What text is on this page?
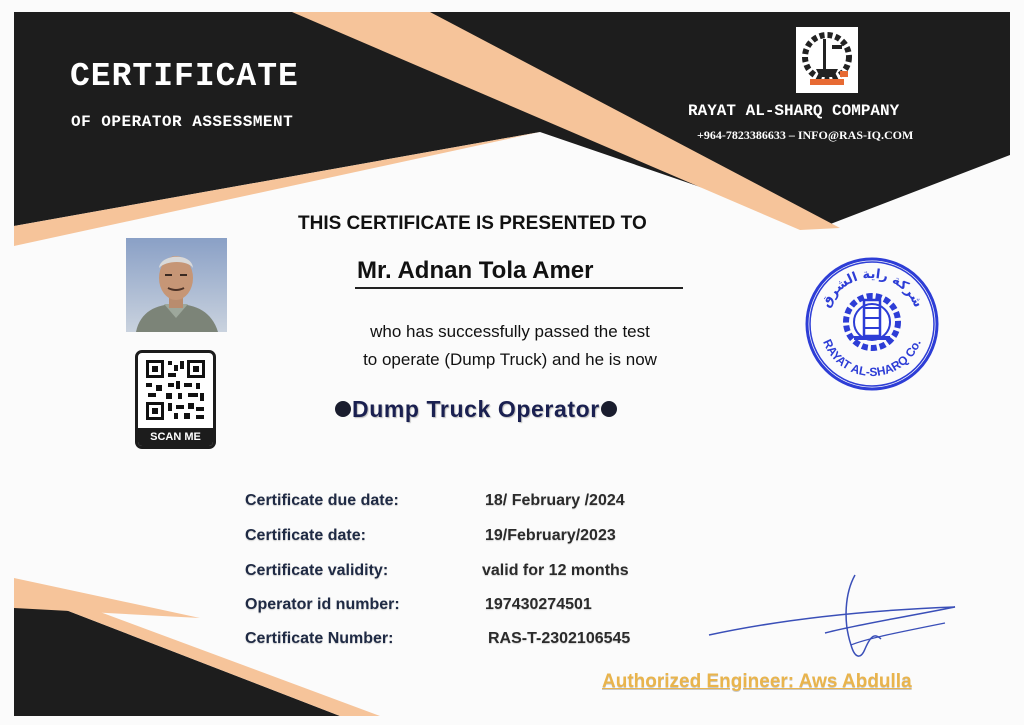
CERTIFICATE
OF OPERATOR ASSESSMENT
RAYAT AL-SHARQ COMPANY
+964-7823386633 – INFO@RAS-IQ.COM
THIS CERTIFICATE IS PRESENTED TO
Mr. Adnan Tola Amer
who has successfully passed the test
to operate (Dump Truck) and he is now
Dump Truck Operator
SCAN ME
شركة راية الشرق
RAYAT AL-SHARQ Co.
Certificate due date:	18/ February /2024
Certificate date:	19/February/2023
Certificate validity:	valid for 12 months
Operator id number:	197430274501
Certificate Number:	RAS-T-2302106545
Authorized Engineer: Aws Abdulla
